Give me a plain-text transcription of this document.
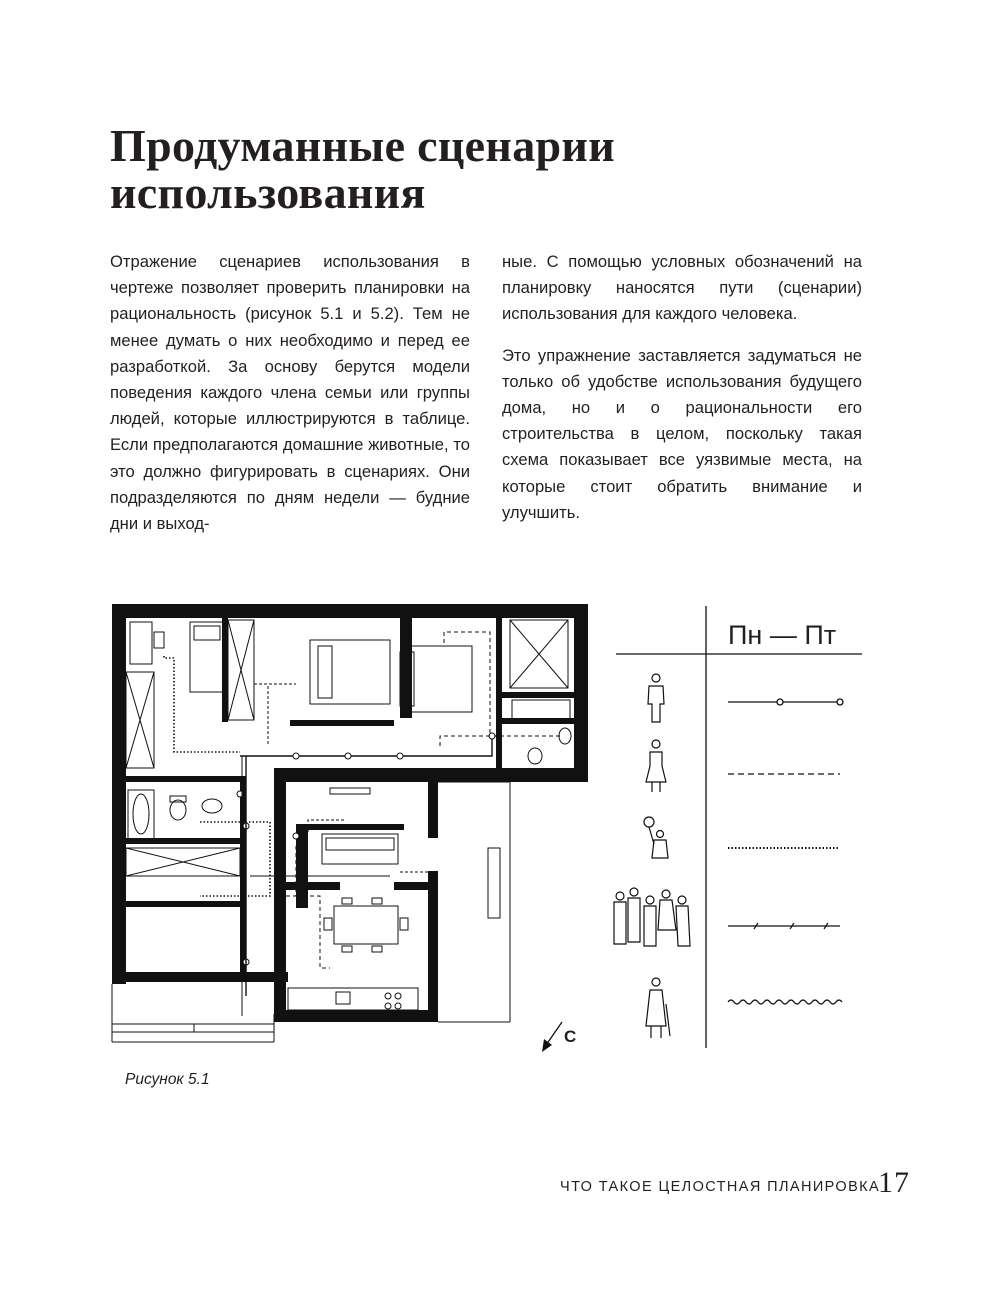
Продуманные сценарии
использования

Отражение сценариев использования в чертеже позволяет проверить планировки на рациональность (рисунок 5.1 и 5.2). Тем не менее думать о них необходимо и перед ее разработкой. За основу берутся модели поведения каждого члена семьи или группы людей, которые иллюстрируются в таблице. Если предполагаются домашние животные, то это должно фигурировать в сценариях. Они подразделяются по дням недели — будние дни и выход-

ные. С помощью условных обозначений на планировку наносятся пути (сценарии) использования для каждого человека.

Это упражнение заставляется задуматься не только об удобстве использования будущего дома, но и о рациональности его строительства в целом, поскольку такая схема показывает все уязвимые места, на которые стоит обратить внимание и улучшить.

С
Пн — Пт
Рисунок 5.1
ЧТО ТАКОЕ ЦЕЛОСТНАЯ ПЛАНИРОВКА
17
